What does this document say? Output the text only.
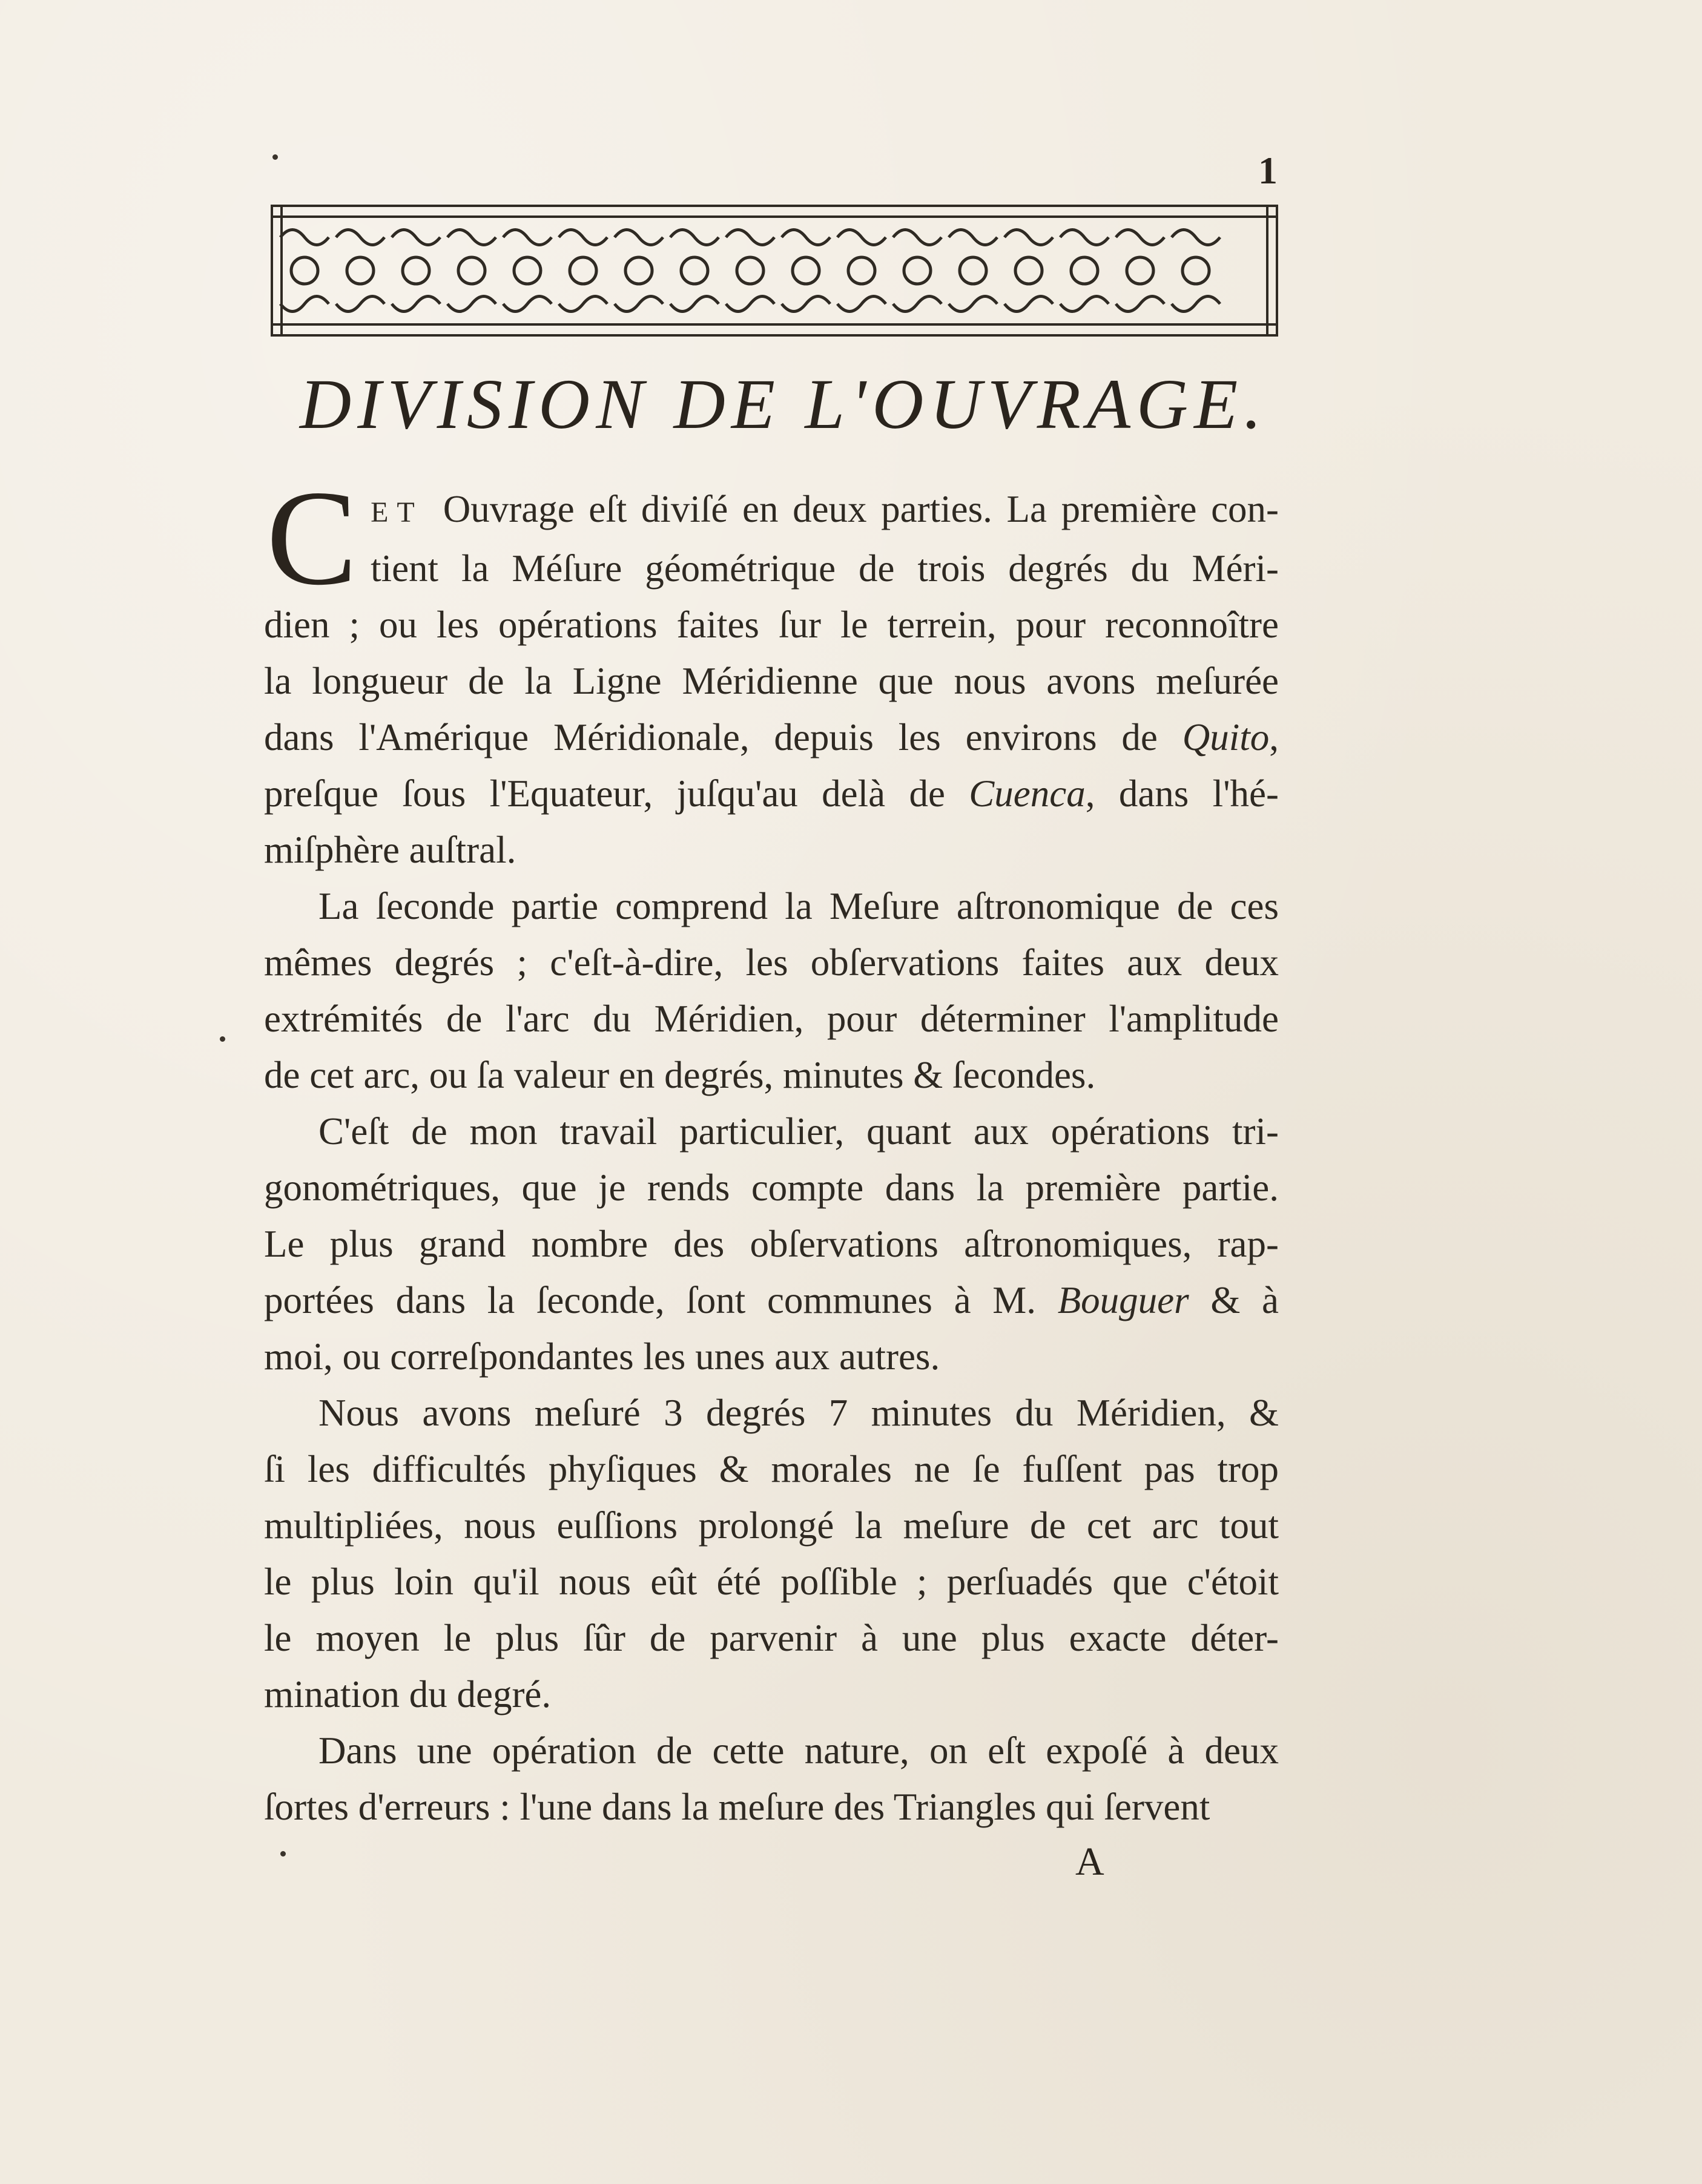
1
DIVISION DE L'OUVRAGE.
C ET Ouvrage eſt diviſé en deux parties. La première con-
tient la Méſure géométrique de trois degrés du Méri-
dien ; ou les opérations faites ſur le terrein, pour reconnoître
la longueur de la Ligne Méridienne que nous avons meſurée
dans l'Amérique Méridionale, depuis les environs de Quito,
preſque ſous l'Equateur, juſqu'au delà de Cuenca, dans l'hé-
miſphère auſtral.
La ſeconde partie comprend la Meſure aſtronomique de ces
mêmes degrés ; c'eſt-à-dire, les obſervations faites aux deux
extrémités de l'arc du Méridien, pour déterminer l'amplitude
de cet arc, ou ſa valeur en degrés, minutes & ſecondes.
C'eſt de mon travail particulier, quant aux opérations tri-
gonométriques, que je rends compte dans la première partie.
Le plus grand nombre des obſervations aſtronomiques, rap-
portées dans la ſeconde, ſont communes à M. Bouguer & à
moi, ou correſpondantes les unes aux autres.
Nous avons meſuré 3 degrés 7 minutes du Méridien, &
ſi les difficultés phyſiques & morales ne ſe fuſſent pas trop
multipliées, nous euſſions prolongé la meſure de cet arc tout
le plus loin qu'il nous eût été poſſible ; perſuadés que c'étoit
le moyen le plus ſûr de parvenir à une plus exacte déter-
mination du degré.
Dans une opération de cette nature, on eſt expoſé à deux
ſortes d'erreurs : l'une dans la meſure des Triangles qui ſervent
A
